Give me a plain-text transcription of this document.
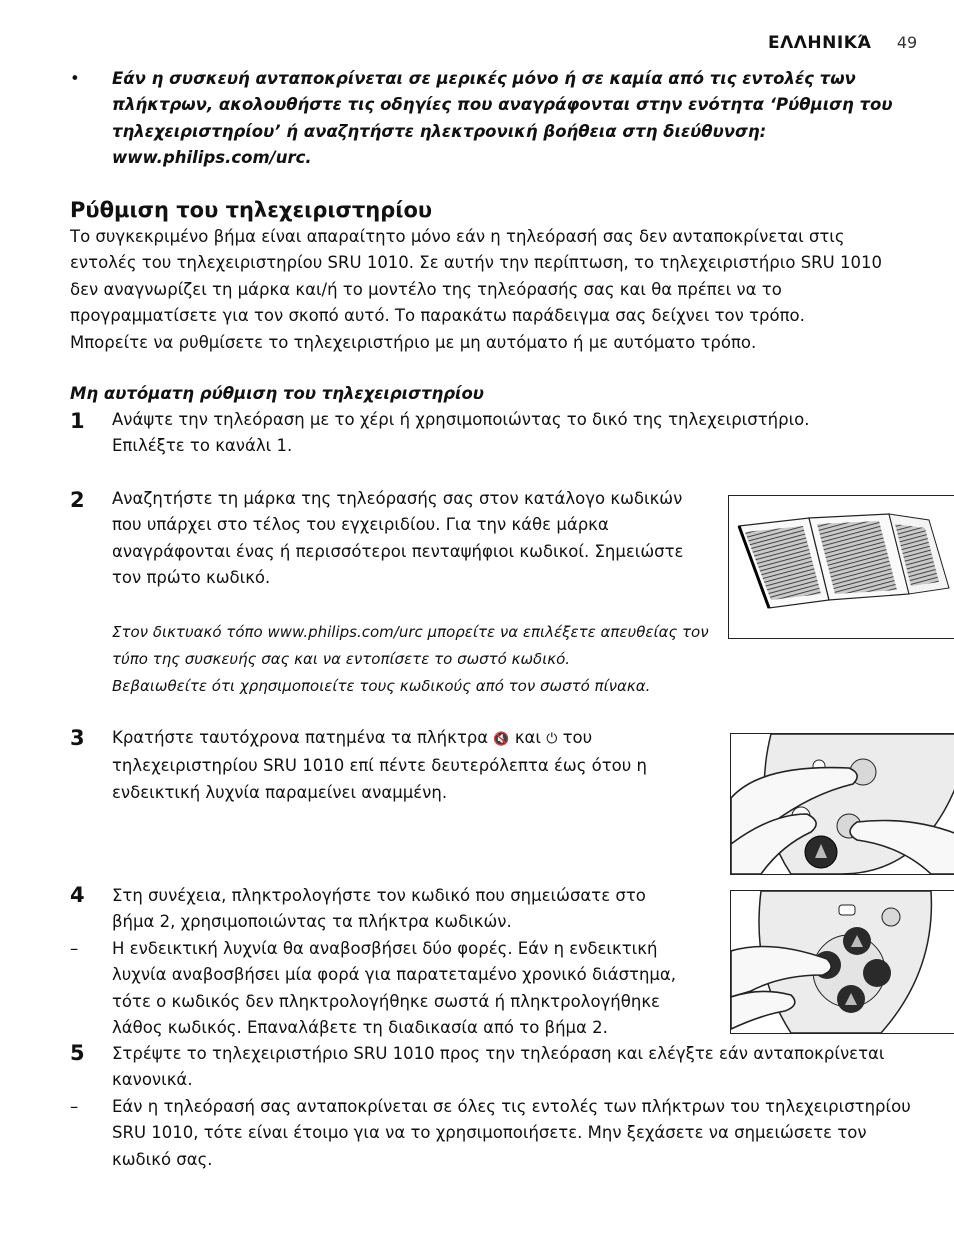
ΕΛΛΗΝΙΚΆ 49
• Εάν η συσκευή ανταποκρίνεται σε μερικές μόνο ή σε καμία από τις εντολές των
πλήκτρων, ακολουθήστε τις οδηγίες που αναγράφονται στην ενότητα ‘Ρύθμιση του
τηλεχειριστηρίου’ ή αναζητήστε ηλεκτρονική βοήθεια στη διεύθυνση:
www.philips.com/urc.
Ρύθμιση του τηλεχειριστηρίου
Το συγκεκριμένο βήμα είναι απαραίτητο μόνο εάν η τηλεόρασή σας δεν ανταποκρίνεται στις
εντολές του τηλεχειριστηρίου SRU 1010. Σε αυτήν την περίπτωση, το τηλεχειριστήριο SRU 1010
δεν αναγνωρίζει τη μάρκα και/ή το μοντέλο της τηλεόρασής σας και θα πρέπει να το
προγραμματίσετε για τον σκοπό αυτό. Το παρακάτω παράδειγμα σας δείχνει τον τρόπο.
Μπορείτε να ρυθμίσετε το τηλεχειριστήριο με μη αυτόματο ή με αυτόματο τρόπο.
Μη αυτόματη ρύθμιση του τηλεχειριστηρίου
1 Ανάψτε την τηλεόραση με το χέρι ή χρησιμοποιώντας το δικό της τηλεχειριστήριο.
Επιλέξτε το κανάλι 1.
2 Αναζητήστε τη μάρκα της τηλεόρασής σας στον κατάλογο κωδικών
που υπάρχει στο τέλος του εγχειριδίου. Για την κάθε μάρκα
αναγράφονται ένας ή περισσότεροι πενταψήφιοι κωδικοί. Σημειώστε
τον πρώτο κωδικό.
Στον δικτυακό τόπο www.philips.com/urc μπορείτε να επιλέξετε απευθείας τον
τύπο της συσκευής σας και να εντοπίσετε το σωστό κωδικό.
Βεβαιωθείτε ότι χρησιμοποιείτε τους κωδικούς από τον σωστό πίνακα.
3 Κρατήστε ταυτόχρονα πατημένα τα πλήκτρα 🔇 και ⏻ του
τηλεχειριστηρίου SRU 1010 επί πέντε δευτερόλεπτα έως ότου η
ενδεικτική λυχνία παραμείνει αναμμένη.
4 Στη συνέχεια, πληκτρολογήστε τον κωδικό που σημειώσατε στο
βήμα 2, χρησιμοποιώντας τα πλήκτρα κωδικών.
– Η ενδεικτική λυχνία θα αναβοσβήσει δύο φορές. Εάν η ενδεικτική
λυχνία αναβοσβήσει μία φορά για παρατεταμένο χρονικό διάστημα,
τότε ο κωδικός δεν πληκτρολογήθηκε σωστά ή πληκτρολογήθηκε
λάθος κωδικός. Επαναλάβετε τη διαδικασία από το βήμα 2.
5 Στρέψτε το τηλεχειριστήριο SRU 1010 προς την τηλεόραση και ελέγξτε εάν ανταποκρίνεται
κανονικά.
– Εάν η τηλεόρασή σας ανταποκρίνεται σε όλες τις εντολές των πλήκτρων του τηλεχειριστηρίου
SRU 1010, τότε είναι έτοιμο για να το χρησιμοποιήσετε. Μην ξεχάσετε να σημειώσετε τον
κωδικό σας.
